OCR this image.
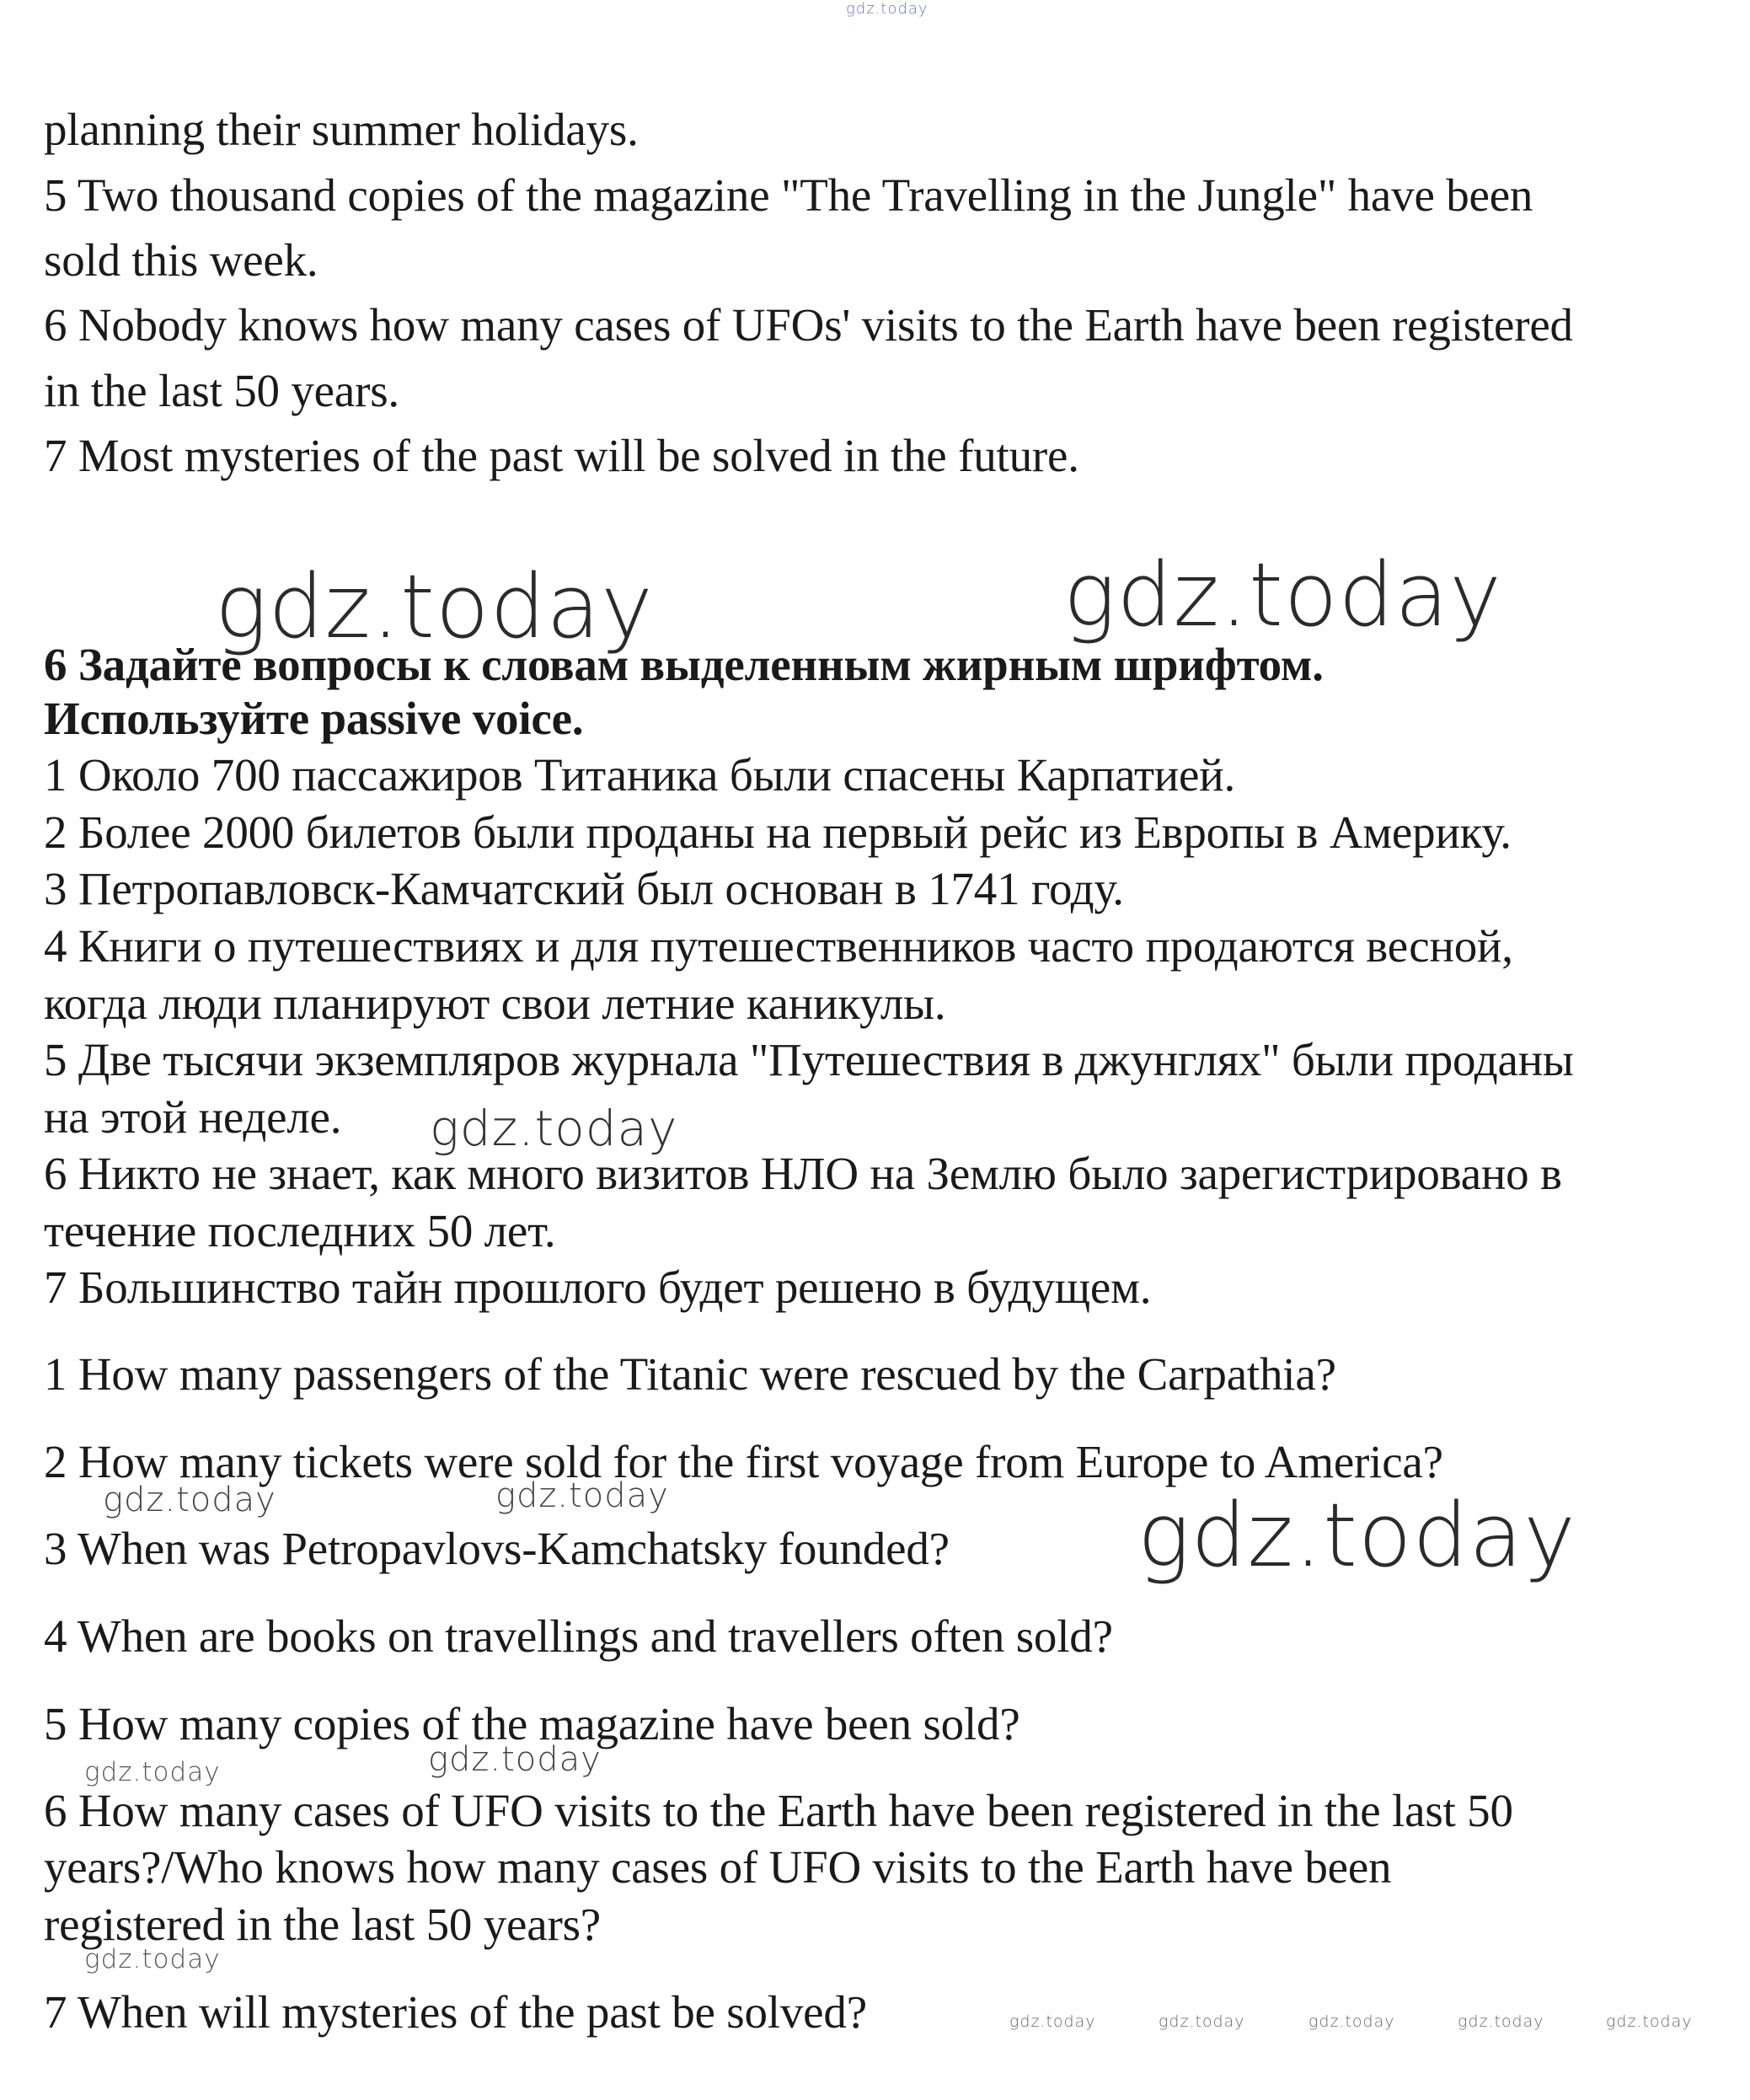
gdz.today
planning their summer holidays.
5 Two thousand copies of the magazine "The Travelling in the Jungle" have been
sold this week.
6 Nobody knows how many cases of UFOs' visits to the Earth have been registered
in the last 50 years.
7 Most mysteries of the past will be solved in the future.
gdz.today	gdz.today
6 Задайте вопросы к словам выделенным жирным шрифтом.
Используйте passive voice.
1 Около 700 пассажиров Титаника были спасены Карпатией.
2 Более 2000 билетов были проданы на первый рейс из Европы в Америку.
3 Петропавловск-Камчатский был основан в 1741 году.
4 Книги о путешествиях и для путешественников часто продаются весной,
когда люди планируют свои летние каникулы.
5 Две тысячи экземпляров журнала "Путешествия в джунглях" были проданы
на этой неделе.
6 Никто не знает, как много визитов НЛО на Землю было зарегистрировано в
течение последних 50 лет.
7 Большинство тайн прошлого будет решено в будущем.
gdz.today
1 How many passengers of the Titanic were rescued by the Carpathia?
2 How many tickets were sold for the first voyage from Europe to America?
3 When was Petropavlovs-Kamchatsky founded?
4 When are books on travellings and travellers often sold?
5 How many copies of the magazine have been sold?
6 How many cases of UFO visits to the Earth have been registered in the last 50
years?/Who knows how many cases of UFO visits to the Earth have been
registered in the last 50 years?
7 When will mysteries of the past be solved?
gdz.today	gdz.today	gdz.today
gdz.today
gdz.today
gdz.today
gdz.today	gdz.today	gdz.today	gdz.today	gdz.today
